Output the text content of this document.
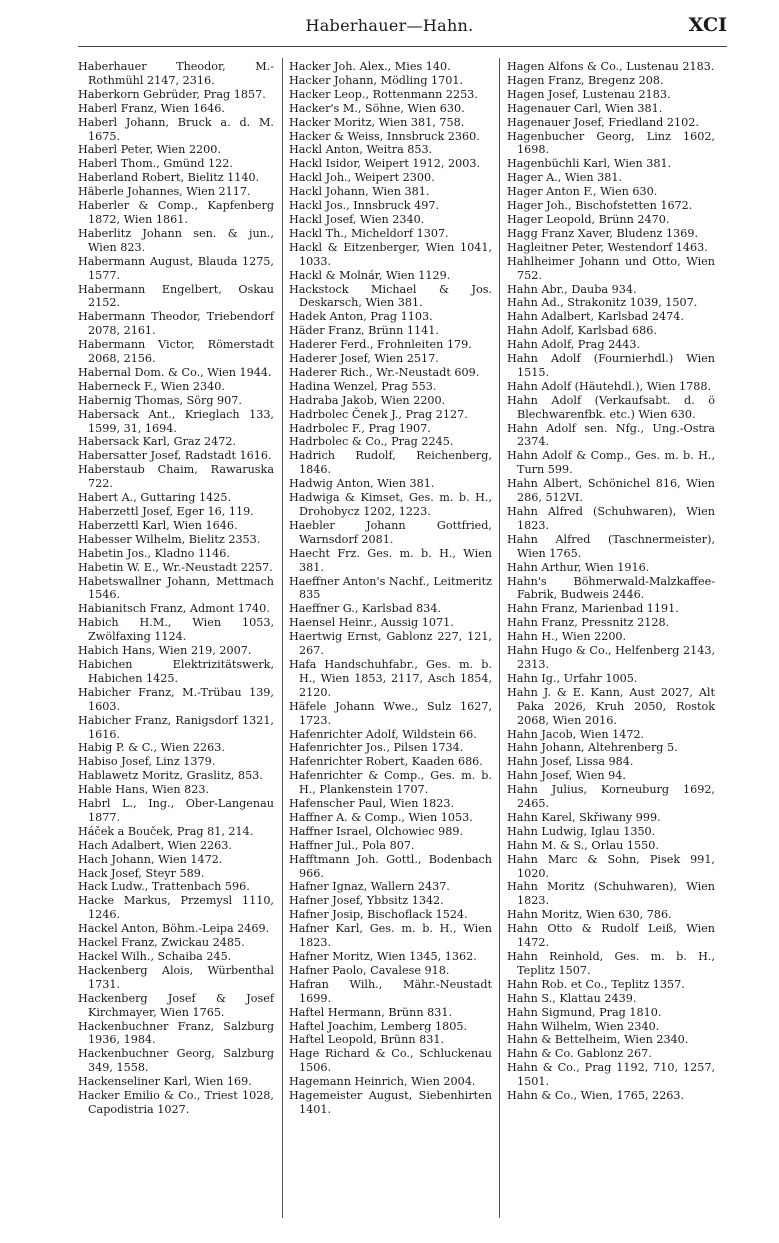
Haberhauer—Hahn.	XCI
Haberhauer Theodor, M.-Rothmühl 2147, 2316.
Haberkorn Gebrüder, Prag 1857.
Haberl Franz, Wien 1646.
Haberl Johann, Bruck a. d. M. 1675.
Haberl Peter, Wien 2200.
Haberl Thom., Gmünd 122.
Haberland Robert, Bielitz 1140.
Häberle Johannes, Wien 2117.
Haberler & Comp., Kapfenberg 1872, Wien 1861.
Haberlitz Johann sen. & jun., Wien 823.
Habermann August, Blauda 1275, 1577.
Habermann Engelbert, Oskau 2152.
Habermann Theodor, Triebendorf 2078, 2161.
Habermann Victor, Römerstadt 2068, 2156.
Habernal Dom. & Co., Wien 1944.
Haberneck F., Wien 2340.
Habernig Thomas, Sörg 907.
Habersack Ant., Krieglach 133, 1599, 31, 1694.
Habersack Karl, Graz 2472.
Habersatter Josef, Radstadt 1616.
Haberstaub Chaim, Rawaruska 722.
Habert A., Guttaring 1425.
Haberzettl Josef, Eger 16, 119.
Haberzettl Karl, Wien 1646.
Habesser Wilhelm, Bielitz 2353.
Habetin Jos., Kladno 1146.
Habetin W. E., Wr.-Neustadt 2257.
Habetswallner Johann, Mettmach 1546.
Habianitsch Franz, Admont 1740.
Habich H.M., Wien 1053, Zwölfaxing 1124.
Habich Hans, Wien 219, 2007.
Habichen Elektrizitätswerk, Habichen 1425.
Habicher Franz, M.-Trübau 139, 1603.
Habicher Franz, Ranigsdorf 1321, 1616.
Habig P. & C., Wien 2263.
Habiso Josef, Linz 1379.
Hablawetz Moritz, Graslitz, 853.
Hable Hans, Wien 823.
Habrl L., Ing., Ober-Langenau 1877.
Háček a Bouček, Prag 81, 214.
Hach Adalbert, Wien 2263.
Hach Johann, Wien 1472.
Hack Josef, Steyr 589.
Hack Ludw., Trattenbach 596.
Hacke Markus, Przemysl 1110, 1246.
Hackel Anton, Böhm.-Leipa 2469.
Hackel Franz, Zwickau 2485.
Hackel Wilh., Schaiba 245.
Hackenberg Alois, Würbenthal 1731.
Hackenberg Josef & Josef Kirchmayer, Wien 1765.
Hackenbuchner Franz, Salzburg 1936, 1984.
Hackenbuchner Georg, Salzburg 349, 1558.
Hackenseliner Karl, Wien 169.
Hacker Emilio & Co., Triest 1028, Capodistria 1027.
Hacker Joh. Alex., Mies 140.
Hacker Johann, Mödling 1701.
Hacker Leop., Rottenmann 2253.
Hacker's M., Söhne, Wien 630.
Hacker Moritz, Wien 381, 758.
Hacker & Weiss, Innsbruck 2360.
Hackl Anton, Weitra 853.
Hackl Isidor, Weipert 1912, 2003.
Hackl Joh., Weipert 2300.
Hackl Johann, Wien 381.
Hackl Jos., Innsbruck 497.
Hackl Josef, Wien 2340.
Hackl Th., Micheldorf 1307.
Hackl & Eitzenberger, Wien 1041, 1033.
Hackl & Molnár, Wien 1129.
Hackstock Michael & Jos. Deskarsch, Wien 381.
Hadek Anton, Prag 1103.
Häder Franz, Brünn 1141.
Haderer Ferd., Frohnleiten 179.
Haderer Josef, Wien 2517.
Haderer Rich., Wr.-Neustadt 609.
Hadina Wenzel, Prag 553.
Hadraba Jakob, Wien 2200.
Hadrbolec Čenek J., Prag 2127.
Hadrbolec F., Prag 1907.
Hadrbolec & Co., Prag 2245.
Hadrich Rudolf, Reichenberg, 1846.
Hadwig Anton, Wien 381.
Hadwiga & Kimset, Ges. m. b. H., Drohobycz 1202, 1223.
Haebler Johann Gottfried, Warnsdorf 2081.
Haecht Frz. Ges. m. b. H., Wien 381.
Haeffner Anton's Nachf., Leitmeritz 835
Haeffner G., Karlsbad 834.
Haensel Heinr., Aussig 1071.
Haertwig Ernst, Gablonz 227, 121, 267.
Hafa Handschuhfabr., Ges. m. b. H., Wien 1853, 2117, Asch 1854, 2120.
Häfele Johann Wwe., Sulz 1627, 1723.
Hafenrichter Adolf, Wildstein 66.
Hafenrichter Jos., Pilsen 1734.
Hafenrichter Robert, Kaaden 686.
Hafenrichter & Comp., Ges. m. b. H., Plankenstein 1707.
Hafenscher Paul, Wien 1823.
Haffner A. & Comp., Wien 1053.
Haffner Israel, Olchowiec 989.
Haffner Jul., Pola 807.
Hafftmann Joh. Gottl., Bodenbach 966.
Hafner Ignaz, Wallern 2437.
Hafner Josef, Ybbsitz 1342.
Hafner Josip, Bischoflack 1524.
Hafner Karl, Ges. m. b. H., Wien 1823.
Hafner Moritz, Wien 1345, 1362.
Hafner Paolo, Cavalese 918.
Hafran Wilh., Mähr.-Neustadt 1699.
Haftel Hermann, Brünn 831.
Haftel Joachim, Lemberg 1805.
Haftel Leopold, Brünn 831.
Hage Richard & Co., Schluckenau 1506.
Hagemann Heinrich, Wien 2004.
Hagemeister August, Siebenhirten 1401.
Hagen Alfons & Co., Lustenau 2183.
Hagen Franz, Bregenz 208.
Hagen Josef, Lustenau 2183.
Hagenauer Carl, Wien 381.
Hagenauer Josef, Friedland 2102.
Hagenbucher Georg, Linz 1602, 1698.
Hagenbüchli Karl, Wien 381.
Hager A., Wien 381.
Hager Anton F., Wien 630.
Hager Joh., Bischofstetten 1672.
Hager Leopold, Brünn 2470.
Hagg Franz Xaver, Bludenz 1369.
Hagleitner Peter, Westendorf 1463.
Hahlheimer Johann und Otto, Wien 752.
Hahn Abr., Dauba 934.
Hahn Ad., Strakonitz 1039, 1507.
Hahn Adalbert, Karlsbad 2474.
Hahn Adolf, Karlsbad 686.
Hahn Adolf, Prag 2443.
Hahn Adolf (Fournierhdl.) Wien 1515.
Hahn Adolf (Häutehdl.), Wien 1788.
Hahn Adolf (Verkaufsabt. d. ö Blechwarenfbk. etc.) Wien 630.
Hahn Adolf sen. Nfg., Ung.-Ostra 2374.
Hahn Adolf & Comp., Ges. m. b. H., Turn 599.
Hahn Albert, Schönichel 816, Wien 286, 512VI.
Hahn Alfred (Schuhwaren), Wien 1823.
Hahn Alfred (Taschnermeister), Wien 1765.
Hahn Arthur, Wien 1916.
Hahn's Böhmerwald-Malzkaffee-Fabrik, Budweis 2446.
Hahn Franz, Marienbad 1191.
Hahn Franz, Pressnitz 2128.
Hahn H., Wien 2200.
Hahn Hugo & Co., Helfenberg 2143, 2313.
Hahn Ig., Urfahr 1005.
Hahn J. & E. Kann, Aust 2027, Alt Paka 2026, Kruh 2050, Rostok 2068, Wien 2016.
Hahn Jacob, Wien 1472.
Hahn Johann, Altehrenberg 5.
Hahn Josef, Lissa 984.
Hahn Josef, Wien 94.
Hahn Julius, Korneuburg 1692, 2465.
Hahn Karel, Skřiwany 999.
Hahn Ludwig, Iglau 1350.
Hahn M. & S., Orlau 1550.
Hahn Marc & Sohn, Pisek 991, 1020.
Hahn Moritz (Schuhwaren), Wien 1823.
Hahn Moritz, Wien 630, 786.
Hahn Otto & Rudolf Leiß, Wien 1472.
Hahn Reinhold, Ges. m. b. H., Teplitz 1507.
Hahn Rob. et Co., Teplitz 1357.
Hahn S., Klattau 2439.
Hahn Sigmund, Prag 1810.
Hahn Wilhelm, Wien 2340.
Hahn & Bettelheim, Wien 2340.
Hahn & Co. Gablonz 267.
Hahn & Co., Prag 1192, 710, 1257, 1501.
Hahn & Co., Wien, 1765, 2263.
